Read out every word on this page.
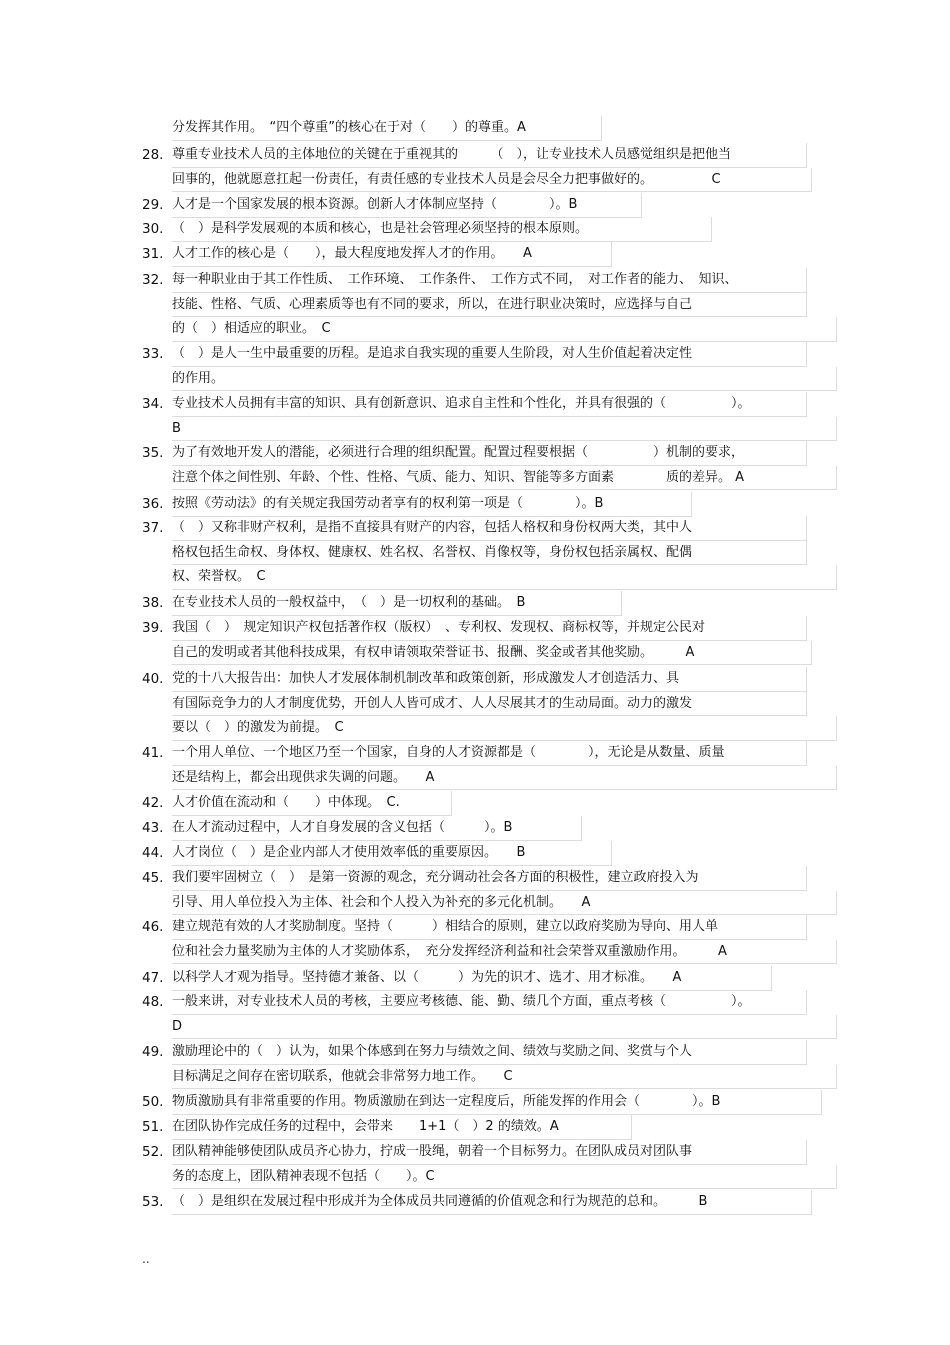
分发挥其作用。　“四个尊重”的核心在于对（　　）的尊重。A
28. 尊重专业技术人员的主体地位的关键在于重视其的　　　（　），让专业技术人员感觉组织是把他当
回事的，他就愿意扛起一份责任，有责任感的专业技术人员是会尽全力把事做好的。　　　　　C
29. 人才是一个国家发展的根本资源。创新人才体制应坚持（　　　　）。B
30. （　）是科学发展观的本质和核心，也是社会管理必须坚持的根本原则。
31. 人才工作的核心是（　　），最大程度地发挥人才的作用。　　A
32. 每一种职业由于其工作性质、　工作环境、　工作条件、　工作方式不同，　对工作者的能力、　知识、
技能、性格、气质、心理素质等也有不同的要求，所以，在进行职业决策时，应选择与自己
的（　）相适应的职业。　C
33. （　）是人一生中最重要的历程。是追求自我实现的重要人生阶段，对人生价值起着决定性
的作用。
34. 专业技术人员拥有丰富的知识、具有创新意识、追求自主性和个性化，并具有很强的（　　　　　）。
B
35. 为了有效地开发人的潜能，必须进行合理的组织配置。配置过程要根据（　　　　　）机制的要求，
注意个体之间性别、年龄、个性、性格、气质、能力、知识、智能等多方面素　　　　质的差异。 A
36. 按照《劳动法》的有关规定我国劳动者享有的权利第一项是（　　　　）。B
37. （　）又称非财产权利，是指不直接具有财产的内容，包括人格权和身份权两大类，其中人
格权包括生命权、身体权、健康权、姓名权、名誉权、肖像权等，身份权包括亲属权、配偶
权、荣誉权。　C
38. 在专业技术人员的一般权益中，　（　）是一切权利的基础。　B
39. 我国（　）　规定知识产权包括著作权（版权）　、专利权、发现权、商标权等，并规定公民对
自己的发明或者其他科技成果，有权申请领取荣誉证书、报酬、奖金或者其他奖励。　　　A
40. 党的十八大报告出：加快人才发展体制机制改革和政策创新，形成激发人才创造活力、具
有国际竞争力的人才制度优势，开创人人皆可成才、人人尽展其才的生动局面。动力的激发
要以（　）的激发为前提。　C
41. 一个用人单位、一个地区乃至一个国家，自身的人才资源都是（　　　　），无论是从数量、质量
还是结构上，都会出现供求失调的问题。　　A
42. 人才价值在流动和（　　）中体现。　C.
43. 在人才流动过程中，人才自身发展的含义包括（　　　）。B
44. 人才岗位（　）是企业内部人才使用效率低的重要原因。　　B
45. 我们要牢固树立（　）　是第一资源的观念，充分调动社会各方面的积极性，建立政府投入为
引导、用人单位投入为主体、社会和个人投入为补充的多元化机制。　　A
46. 建立规范有效的人才奖励制度。坚持（　　　）相结合的原则，建立以政府奖励为导向、用人单
位和社会力量奖励为主体的人才奖励体系，　充分发挥经济利益和社会荣誉双重激励作用。　　　A
47. 以科学人才观为指导。坚持德才兼备、以（　　　）为先的识才、选才、用才标准。　　A
48. 一般来讲，对专业技术人员的考核，主要应考核德、能、勤、绩几个方面，重点考核（　　　　　）。
D
49. 激励理论中的（　）认为，如果个体感到在努力与绩效之间、绩效与奖励之间、奖赏与个人
目标满足之间存在密切联系，他就会非常努力地工作。　　C
50. 物质激励具有非常重要的作用。物质激励在到达一定程度后，所能发挥的作用会（　　　　）。B
51. 在团队协作完成任务的过程中，会带来　　1+1（　）2 的绩效。A
52. 团队精神能够使团队成员齐心协力，拧成一股绳，朝着一个目标努力。在团队成员对团队事
务的态度上，团队精神表现不包括（　　）。C
53. （　）是组织在发展过程中形成并为全体成员共同遵循的价值观念和行为规范的总和。　　　B
..
